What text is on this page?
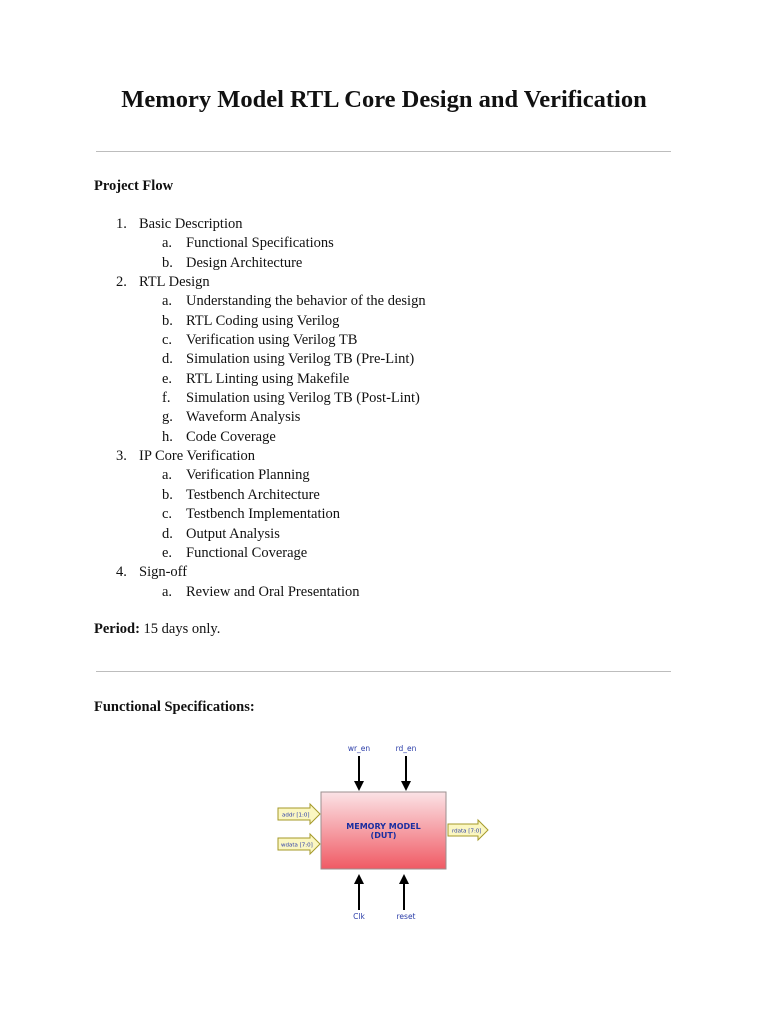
Memory Model RTL Core Design and Verification
Project Flow
1. Basic Description
a. Functional Specifications
b. Design Architecture
2. RTL Design
a. Understanding the behavior of the design
b. RTL Coding using Verilog
c. Verification using Verilog TB
d. Simulation using Verilog TB (Pre-Lint)
e. RTL Linting using Makefile
f.	Simulation using Verilog TB (Post-Lint)
g. Waveform Analysis
h. Code Coverage
3. IP Core Verification
a. Verification Planning
b. Testbench Architecture
c. Testbench Implementation
d. Output Analysis
e. Functional Coverage
4. Sign-off
a. Review and Oral Presentation
Period: 15 days only.
Functional Specifications:
wr_en	rd_en
MEMORY MODEL
(DUT)
addr [1:0]
wdata [7:0]
rdata [7:0]
Clk	reset
